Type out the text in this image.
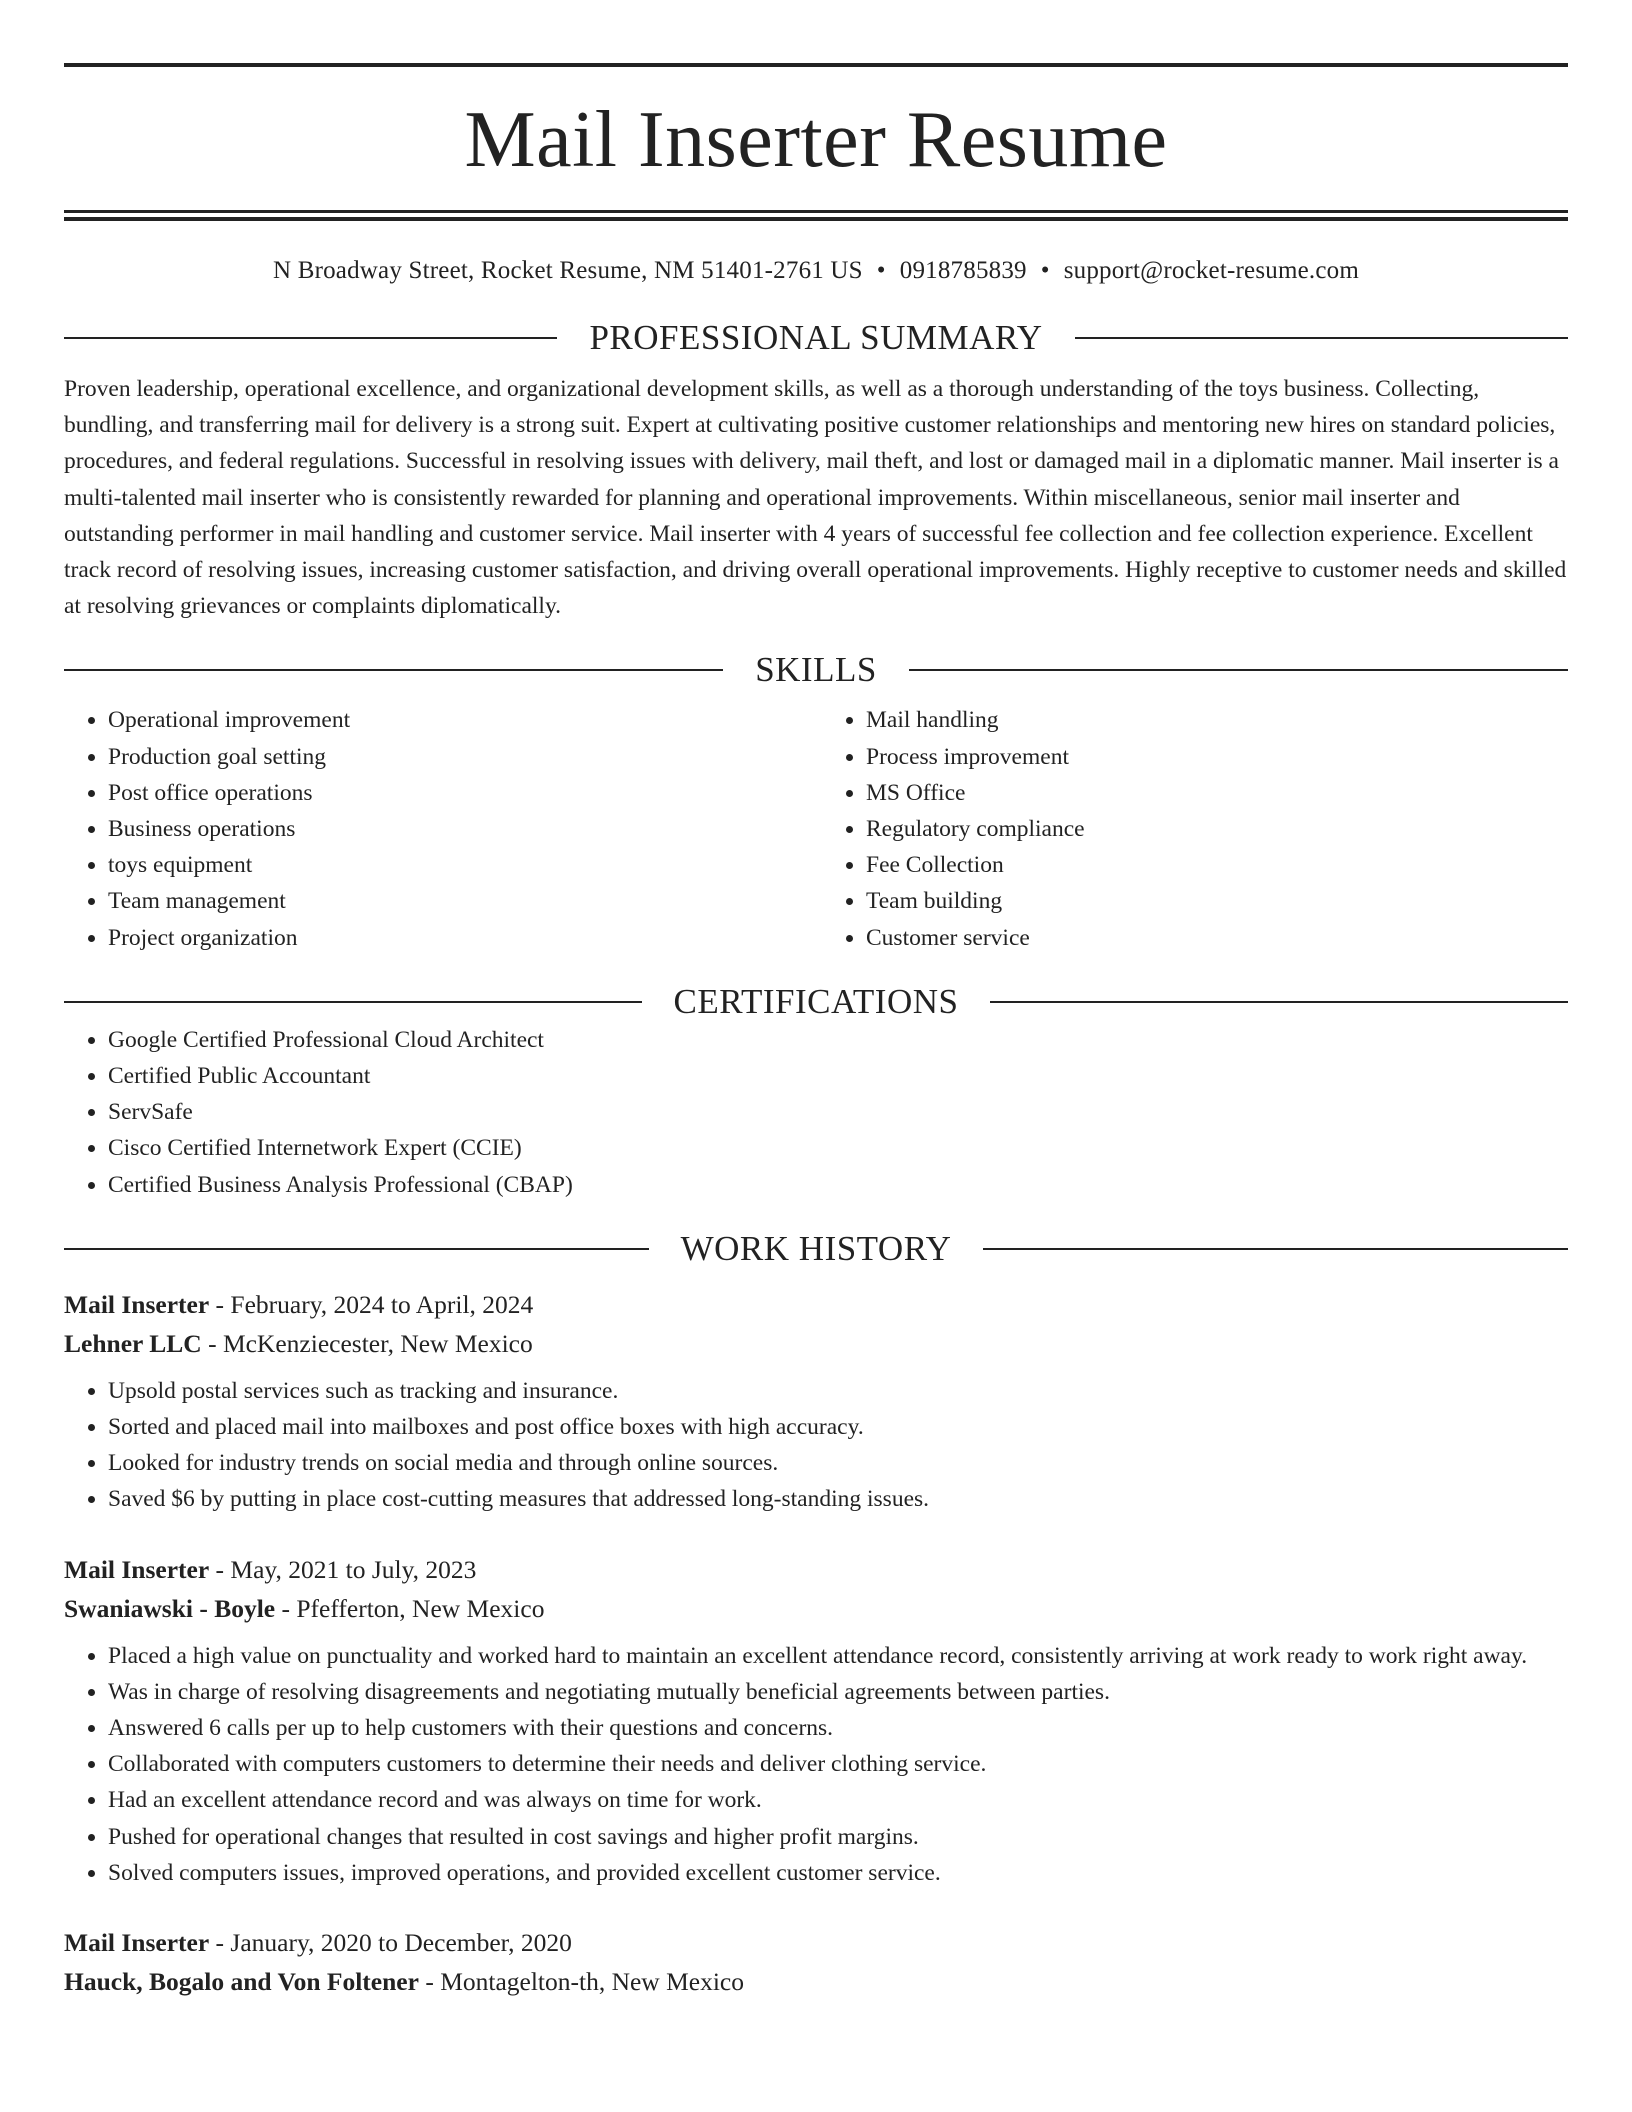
Mail Inserter Resume
N Broadway Street, Rocket Resume, NM 51401-2761 US • 0918785839 • support@rocket-resume.com
PROFESSIONAL SUMMARY
Proven leadership, operational excellence, and organizational development skills, as well as a thorough understanding of the toys business. Collecting, bundling, and transferring mail for delivery is a strong suit. Expert at cultivating positive customer relationships and mentoring new hires on standard policies, procedures, and federal regulations. Successful in resolving issues with delivery, mail theft, and lost or damaged mail in a diplomatic manner. Mail inserter is a multi-talented mail inserter who is consistently rewarded for planning and operational improvements. Within miscellaneous, senior mail inserter and outstanding performer in mail handling and customer service. Mail inserter with 4 years of successful fee collection and fee collection experience. Excellent track record of resolving issues, increasing customer satisfaction, and driving overall operational improvements. Highly receptive to customer needs and skilled at resolving grievances or complaints diplomatically.
SKILLS
• Operational improvement
• Production goal setting
• Post office operations
• Business operations
• toys equipment
• Team management
• Project organization
• Mail handling
• Process improvement
• MS Office
• Regulatory compliance
• Fee Collection
• Team building
• Customer service
CERTIFICATIONS
• Google Certified Professional Cloud Architect
• Certified Public Accountant
• ServSafe
• Cisco Certified Internetwork Expert (CCIE)
• Certified Business Analysis Professional (CBAP)
WORK HISTORY
Mail Inserter - February, 2024 to April, 2024
Lehner LLC - McKenziecester, New Mexico
• Upsold postal services such as tracking and insurance.
• Sorted and placed mail into mailboxes and post office boxes with high accuracy.
• Looked for industry trends on social media and through online sources.
• Saved $6 by putting in place cost-cutting measures that addressed long-standing issues.
Mail Inserter - May, 2021 to July, 2023
Swaniawski - Boyle - Pfefferton, New Mexico
• Placed a high value on punctuality and worked hard to maintain an excellent attendance record, consistently arriving at work ready to work right away.
• Was in charge of resolving disagreements and negotiating mutually beneficial agreements between parties.
• Answered 6 calls per up to help customers with their questions and concerns.
• Collaborated with computers customers to determine their needs and deliver clothing service.
• Had an excellent attendance record and was always on time for work.
• Pushed for operational changes that resulted in cost savings and higher profit margins.
• Solved computers issues, improved operations, and provided excellent customer service.
Mail Inserter - January, 2020 to December, 2020
Hauck, Bogalo and Von Foltener - Montagelton-th, New Mexico
